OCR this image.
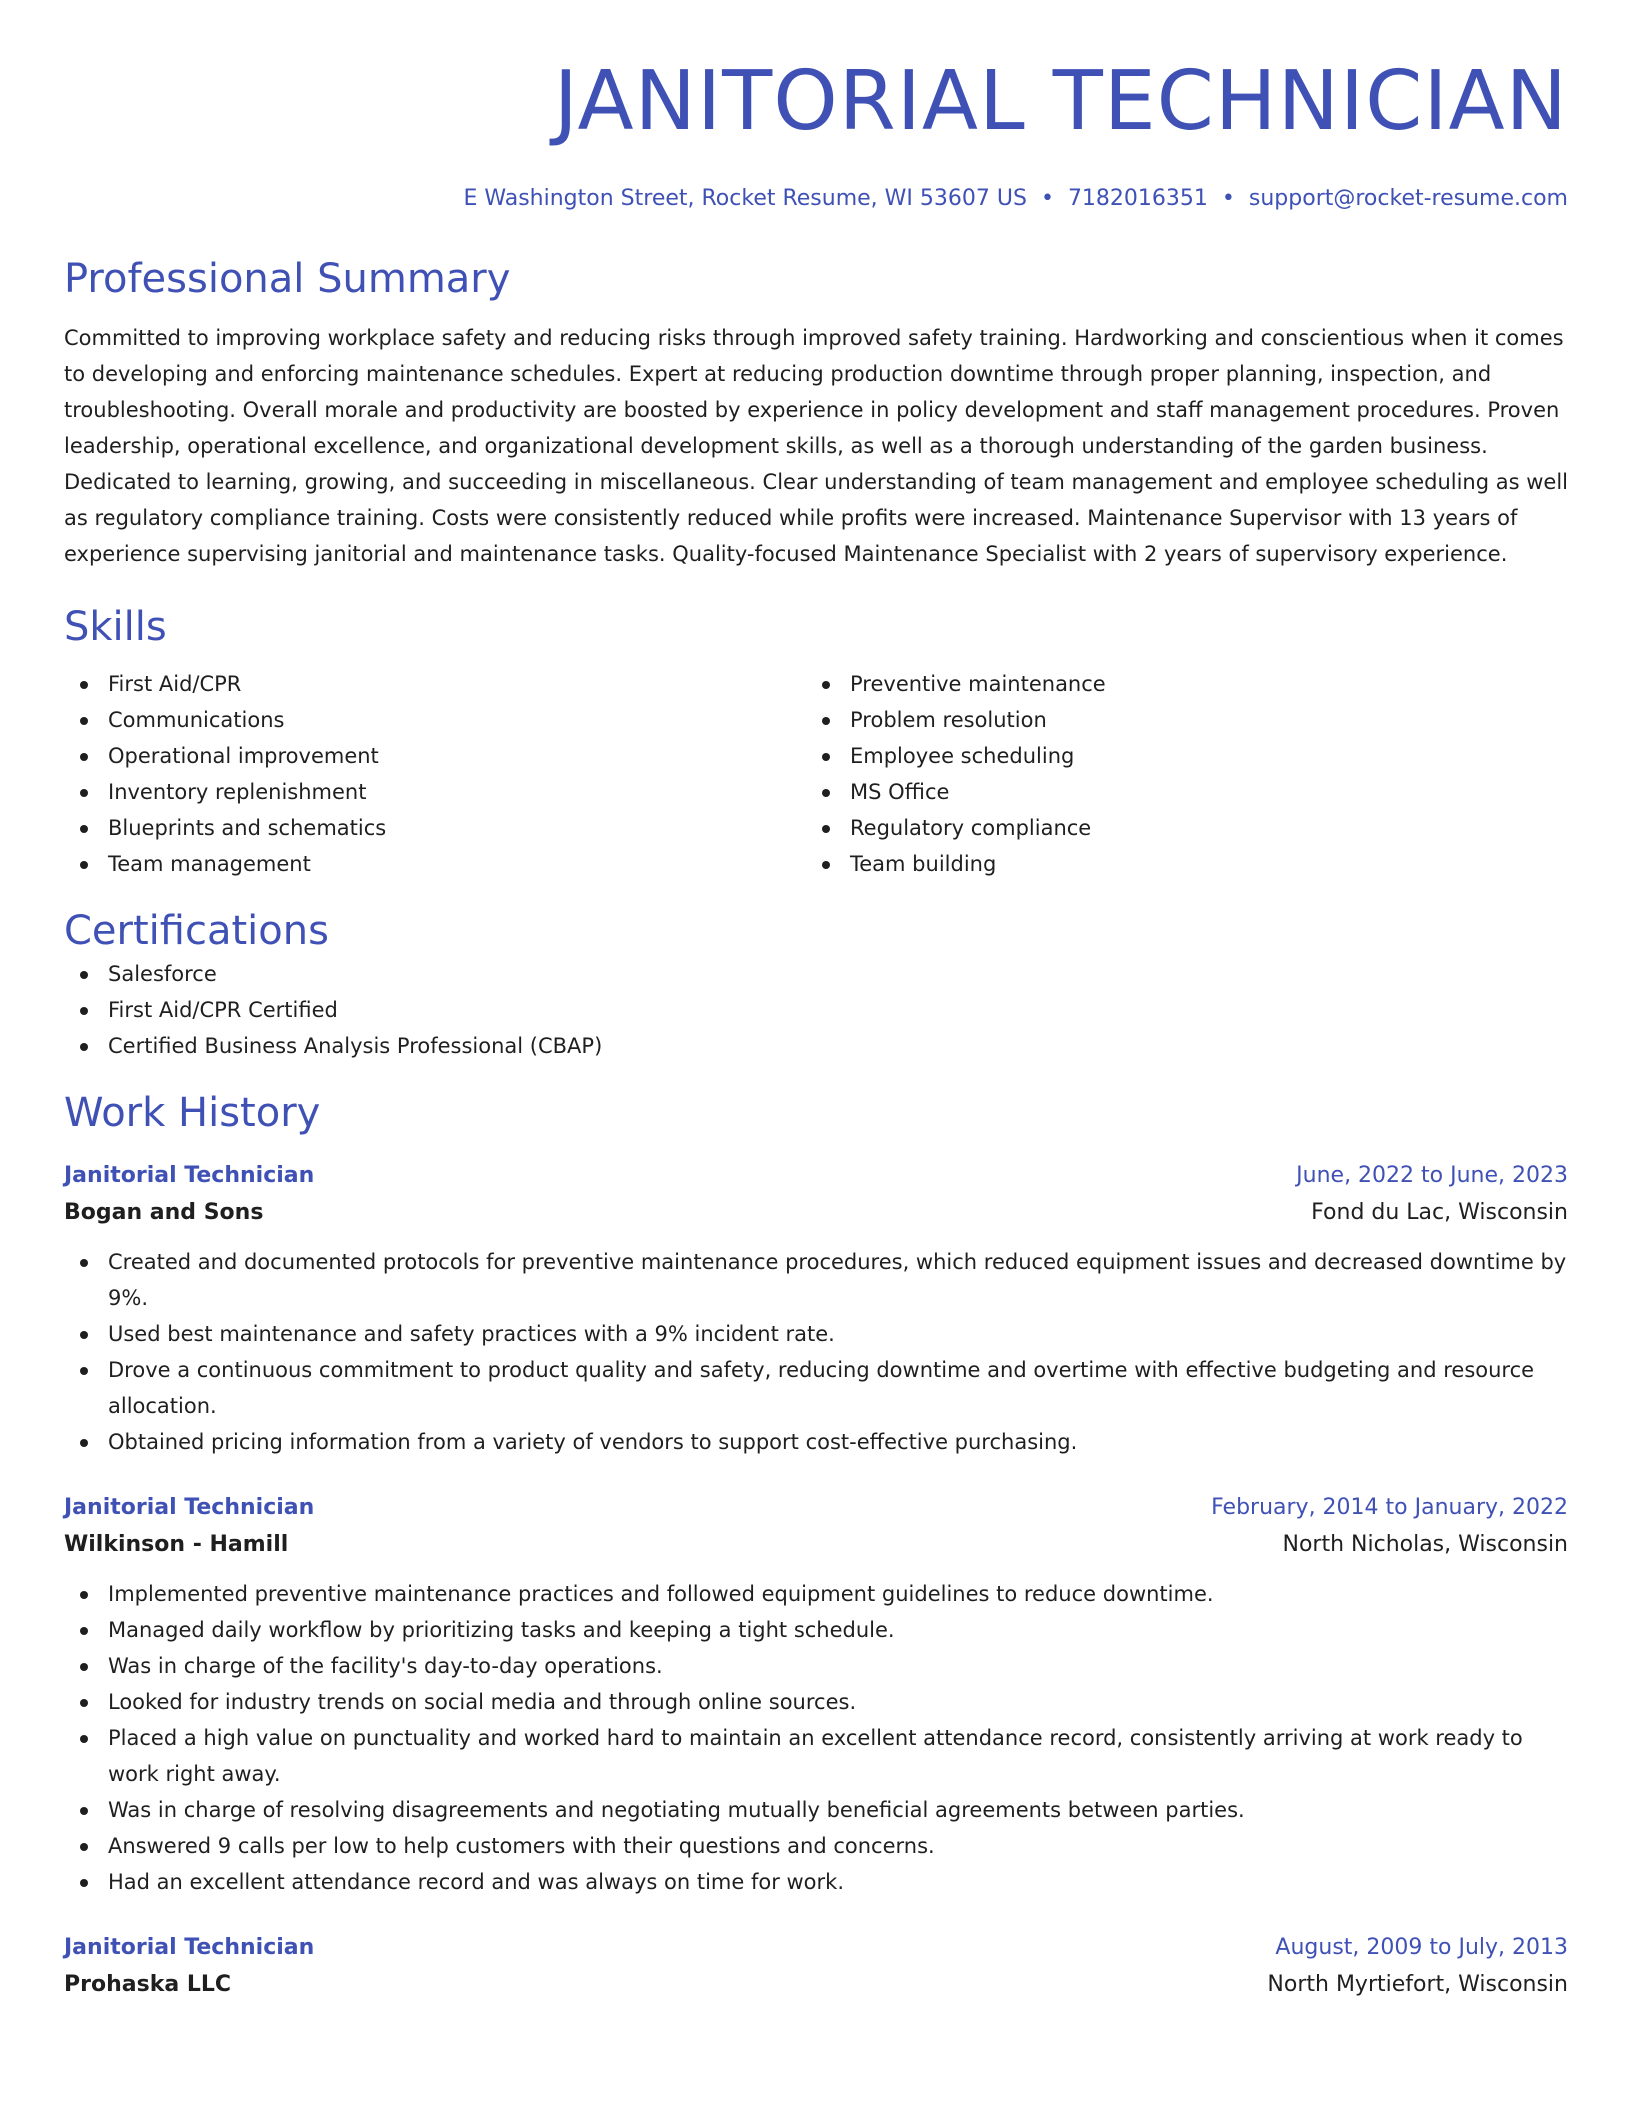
JANITORIAL TECHNICIAN
E Washington Street, Rocket Resume, WI 53607 US • 7182016351 • support@rocket-resume.com
Professional Summary
Committed to improving workplace safety and reducing risks through improved safety training. Hardworking and conscientious when it comes to developing and enforcing maintenance schedules. Expert at reducing production downtime through proper planning, inspection, and troubleshooting. Overall morale and productivity are boosted by experience in policy development and staff management procedures. Proven leadership, operational excellence, and organizational development skills, as well as a thorough understanding of the garden business. Dedicated to learning, growing, and succeeding in miscellaneous. Clear understanding of team management and employee scheduling as well as regulatory compliance training. Costs were consistently reduced while profits were increased. Maintenance Supervisor with 13 years of experience supervising janitorial and maintenance tasks. Quality-focused Maintenance Specialist with 2 years of supervisory experience.
Skills
First Aid/CPR
Communications
Operational improvement
Inventory replenishment
Blueprints and schematics
Team management
Preventive maintenance
Problem resolution
Employee scheduling
MS Office
Regulatory compliance
Team building
Certifications
Salesforce
First Aid/CPR Certified
Certified Business Analysis Professional (CBAP)
Work History
Janitorial Technician	June, 2022 to June, 2023
Bogan and Sons	Fond du Lac, Wisconsin
Created and documented protocols for preventive maintenance procedures, which reduced equipment issues and decreased downtime by 9%.
Used best maintenance and safety practices with a 9% incident rate.
Drove a continuous commitment to product quality and safety, reducing downtime and overtime with effective budgeting and resource allocation.
Obtained pricing information from a variety of vendors to support cost-effective purchasing.
Janitorial Technician	February, 2014 to January, 2022
Wilkinson - Hamill	North Nicholas, Wisconsin
Implemented preventive maintenance practices and followed equipment guidelines to reduce downtime.
Managed daily workflow by prioritizing tasks and keeping a tight schedule.
Was in charge of the facility's day-to-day operations.
Looked for industry trends on social media and through online sources.
Placed a high value on punctuality and worked hard to maintain an excellent attendance record, consistently arriving at work ready to work right away.
Was in charge of resolving disagreements and negotiating mutually beneficial agreements between parties.
Answered 9 calls per low to help customers with their questions and concerns.
Had an excellent attendance record and was always on time for work.
Janitorial Technician	August, 2009 to July, 2013
Prohaska LLC	North Myrtiefort, Wisconsin
